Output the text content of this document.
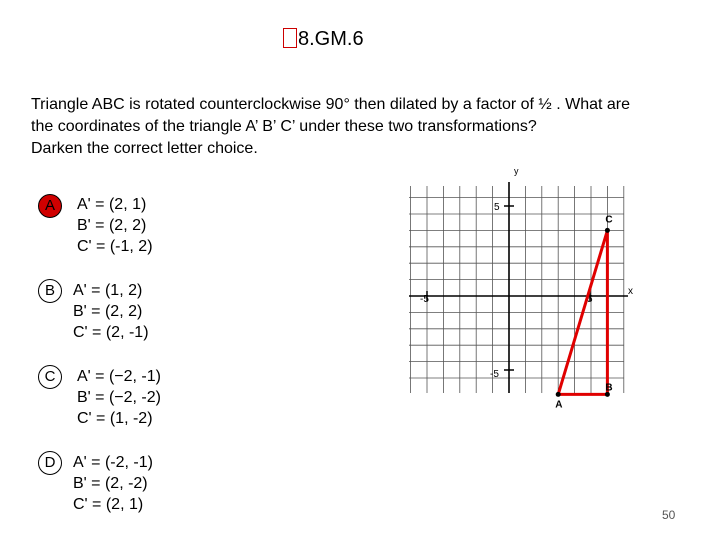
8.GM.6
Triangle ABC is rotated counterclockwise 90° then dilated by a factor of ½ . What are
the coordinates of the triangle A’ B’ C’ under these two transformations?
Darken the correct letter choice.
A	A' = (2, 1)
B' = (2, 2)
C' = (-1, 2)
B	A' = (1, 2)
B' = (2, 2)
C' = (2, -1)
C	A' = (−2, -1)
B' = (−2, -2)
C' = (1, -2)
D	A' = (-2, -1)
B' = (2, -2)
C' = (2, 1)
y
x
5
-5
5
-5
A
B
C
50
